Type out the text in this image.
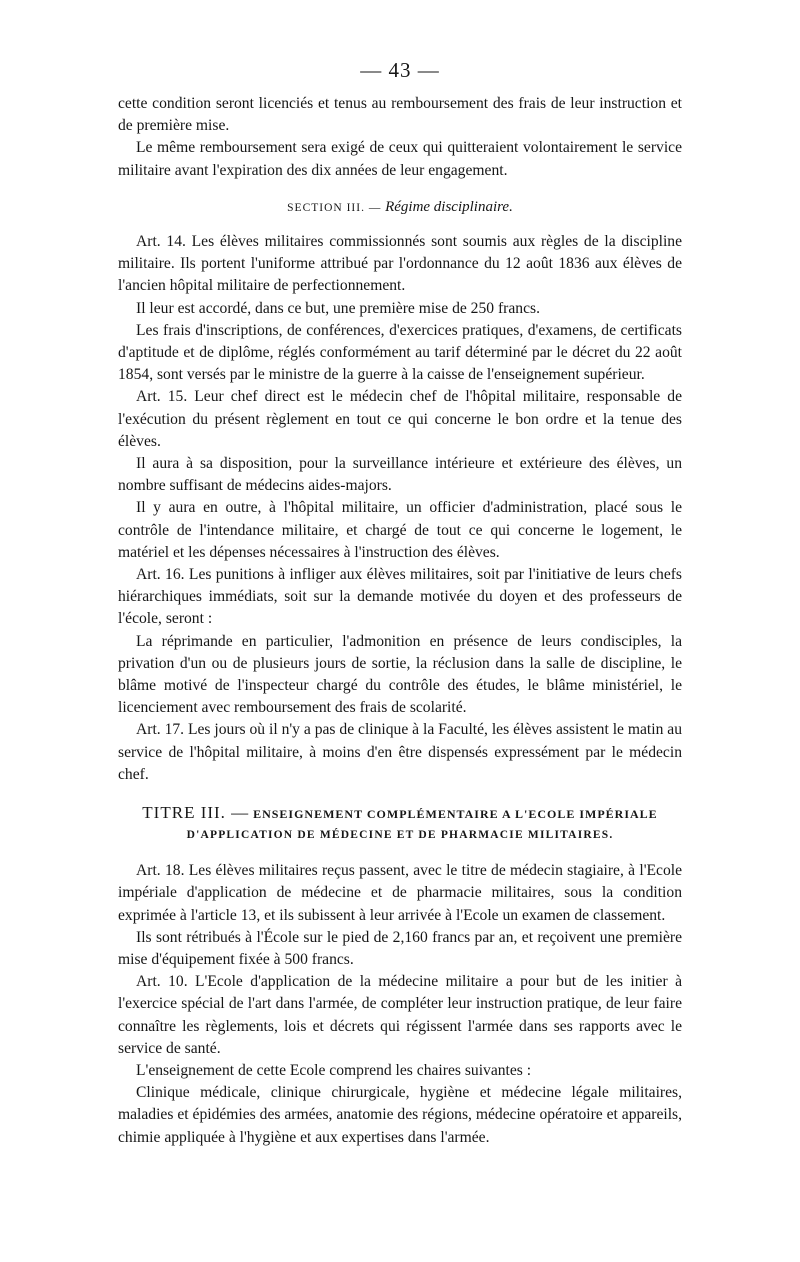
— 43 —

cette condition seront licenciés et tenus au remboursement des frais de leur instruction et de première mise.

Le même remboursement sera exigé de ceux qui quitteraient volontairement le service militaire avant l'expiration des dix années de leur engagement.

SECTION III. — Régime disciplinaire.

Art. 14. Les élèves militaires commissionnés sont soumis aux règles de la discipline militaire. Ils portent l'uniforme attribué par l'ordonnance du 12 août 1836 aux élèves de l'ancien hôpital militaire de perfectionnement.

Il leur est accordé, dans ce but, une première mise de 250 francs.

Les frais d'inscriptions, de conférences, d'exercices pratiques, d'examens, de certificats d'aptitude et de diplôme, réglés conformément au tarif déterminé par le décret du 22 août 1854, sont versés par le ministre de la guerre à la caisse de l'enseignement supérieur.

Art. 15. Leur chef direct est le médecin chef de l'hôpital militaire, responsable de l'exécution du présent règlement en tout ce qui concerne le bon ordre et la tenue des élèves.

Il aura à sa disposition, pour la surveillance intérieure et extérieure des élèves, un nombre suffisant de médecins aides-majors.

Il y aura en outre, à l'hôpital militaire, un officier d'administration, placé sous le contrôle de l'intendance militaire, et chargé de tout ce qui concerne le logement, le matériel et les dépenses nécessaires à l'instruction des élèves.

Art. 16. Les punitions à infliger aux élèves militaires, soit par l'initiative de leurs chefs hiérarchiques immédiats, soit sur la demande motivée du doyen et des professeurs de l'école, seront :

La réprimande en particulier, l'admonition en présence de leurs condisciples, la privation d'un ou de plusieurs jours de sortie, la réclusion dans la salle de discipline, le blâme motivé de l'inspecteur chargé du contrôle des études, le blâme ministériel, le licenciement avec remboursement des frais de scolarité.

Art. 17. Les jours où il n'y a pas de clinique à la Faculté, les élèves assistent le matin au service de l'hôpital militaire, à moins d'en être dispensés expressément par le médecin chef.

TITRE III. — ENSEIGNEMENT COMPLÉMENTAIRE A L'ECOLE IMPÉRIALE
D'APPLICATION DE MÉDECINE ET DE PHARMACIE MILITAIRES.

Art. 18. Les élèves militaires reçus passent, avec le titre de médecin stagiaire, à l'Ecole impériale d'application de médecine et de pharmacie militaires, sous la condition exprimée à l'article 13, et ils subissent à leur arrivée à l'Ecole un examen de classement.

Ils sont rétribués à l'École sur le pied de 2,160 francs par an, et reçoivent une première mise d'équipement fixée à 500 francs.

Art. 10. L'Ecole d'application de la médecine militaire a pour but de les initier à l'exercice spécial de l'art dans l'armée, de compléter leur instruction pratique, de leur faire connaître les règlements, lois et décrets qui régissent l'armée dans ses rapports avec le service de santé.

L'enseignement de cette Ecole comprend les chaires suivantes :

Clinique médicale, clinique chirurgicale, hygiène et médecine légale militaires, maladies et épidémies des armées, anatomie des régions, médecine opératoire et appareils, chimie appliquée à l'hygiène et aux expertises dans l'armée.
